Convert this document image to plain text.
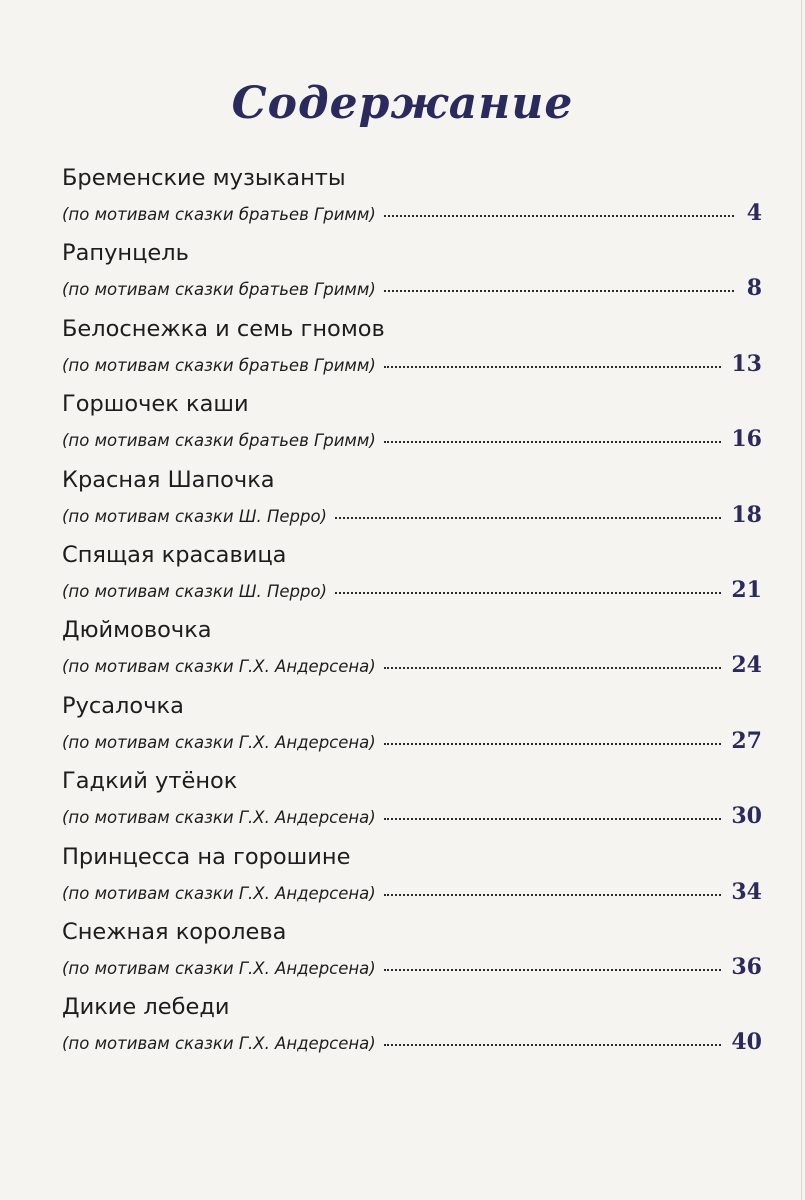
Содержание
Бременские музыканты
(по мотивам сказки братьев Гримм)	4
Рапунцель
(по мотивам сказки братьев Гримм)	8
Белоснежка и семь гномов
(по мотивам сказки братьев Гримм)	13
Горшочек каши
(по мотивам сказки братьев Гримм)	16
Красная Шапочка
(по мотивам сказки Ш. Перро)	18
Спящая красавица
(по мотивам сказки Ш. Перро)	21
Дюймовочка
(по мотивам сказки Г.Х. Андерсена)	24
Русалочка
(по мотивам сказки Г.Х. Андерсена)	27
Гадкий утёнок
(по мотивам сказки Г.Х. Андерсена)	30
Принцесса на горошине
(по мотивам сказки Г.Х. Андерсена)	34
Снежная королева
(по мотивам сказки Г.Х. Андерсена)	36
Дикие лебеди
(по мотивам сказки Г.Х. Андерсена)	40
